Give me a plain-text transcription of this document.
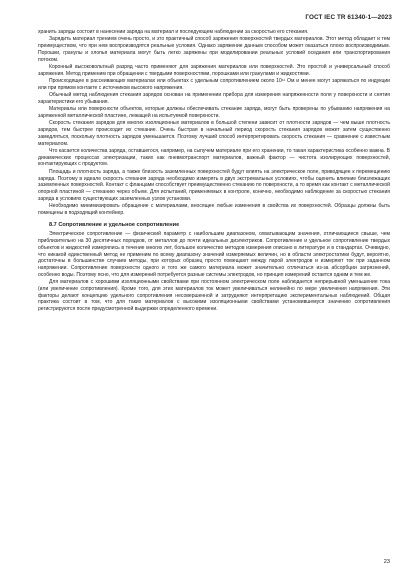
ГОСТ IEC TR 61340-1—2023

хранить заряды состоит в нанесении заряда на материал и последующем наблюдении за скоростью его стекания.

Зарядить материал трением очень просто, и это практичный способ заряжения поверхностей твердых материалов. Этот метод обладает и тем преимуществом, что при нем воспроизводятся реальные условия. Однако заряжение данным способом может оказаться плохо воспроизводимым. Порошки, гранулы и хлопья материала могут быть легко заряжены при моделировании реальных условий оседания или транспортирования потоком.

Коронный высоковольтный разряд часто применяют для заряжения материалов или поверхностей. Это простой и универсальный способ заряжения. Метод применим при обращении с твердыми поверхностями, порошками или гранулами и жидкостями.

Происходящее в рассеивающих материалах или объектах с удельным сопротивлением около 10¹¹ Ом и менее могут заряжаться по индукции или при прямом контакте с источником высокого напряжения.

Обычный метод наблюдения стекания зарядов основан на применении прибора для измерения напряженности поля у поверхности и снятия характеристики его убывания.

Материалы или поверхности объектов, которые должны обеспечивать стекание заряда, могут быть проверены по убыванию напряжения на заряженной металлической пластине, лежащей на испытуемой поверхности.

Скорость стекания зарядов для многих изоляционных материалов в большой степени зависит от плотности зарядов — чем выше плотность зарядов, тем быстрее происходит их стекание. Очень быстрая в начальный период скорость стекания зарядов может затем существенно замедляться, поскольку плотность зарядов уменьшается. Поэтому лучший способ интерпретировать скорость стекания — сравнение с известным материалом.

Что касается количества заряда, оставшегося, например, на сыпучем материале при его хранении, то такая характеристика особенно важна. В динамических процессах электризации, таких как пневмотранспорт материалов, важный фактор — чистота изолирующих поверхностей, контактирующих с продуктом.

Площадь и плотность заряда, а также близость заземленных поверхностей будут влиять на электрическое поле, приводящее к перемещению заряда. Поэтому в идеале скорость стекания заряда необходимо измерять в двух экстремальных условиях, чтобы оценить влияние близлежащих заземленных поверхностей. Контакт с фланцами способствует преимущественно стеканию по поверхности, а то время как контакт с металлической опорной пластиной — стеканию через объем. Для испытаний, применяемых в контроле, конечно, необходимо наблюдение за скоростью стекания заряда в условиях существующих заземленных узлов установки.

Необходимо минимизировать обращение с материалами, вносящее любые изменения в свойства их поверхностей. Образцы должны быть помещены в подходящий контейнер.

8.7 Сопротивление и удельное сопротивление

Электрическое сопротивление — физический параметр с наибольшим диапазоном, охватывающим значения, отличающиеся свыше, чем приблизительно на 30 десятичных порядков, от металлов до почти идеальных диэлектриков. Сопротивление и удельное сопротивление твердых объектов и жидкостей измерялись в течение многих лет, большое количество методов измерения описано в литературе и в стандартах. Очевидно, что никакой единственный метод не применим по всему диапазону значений измеряемых величин, но в области электростатики будут, вероятно, достаточны в большинстве случаев методы, при которых образец просто помещают между парой электродов и измеряют ток при заданном напряжении. Сопротивление поверхности одного и того же самого материала может значительно отличаться из-за абсорбции загрязнений, особенно воды. Поэтому ясно, что для измерений потребуется разные системы электродов, но принцип измерений остается одним и тем же.

Для материалов с хорошими изоляционными свойствами при постоянном электрическом поле наблюдается непрерывной уменьшение тока (или увеличение сопротивления). Кроме того, для этих материалов ток может увеличиваться нелинейно по мере увеличения напряжения. Эти факторы делают концепцию удельного сопротивления несовершенной и затрудняют интерпретацию экспериментальных наблюдений. Общая практика состоит в том, что для таких материалов с высокими изоляционными свойствами установившемуся значению сопротивления регистрируются после предусмотренной выдержки определенного времени.

23
